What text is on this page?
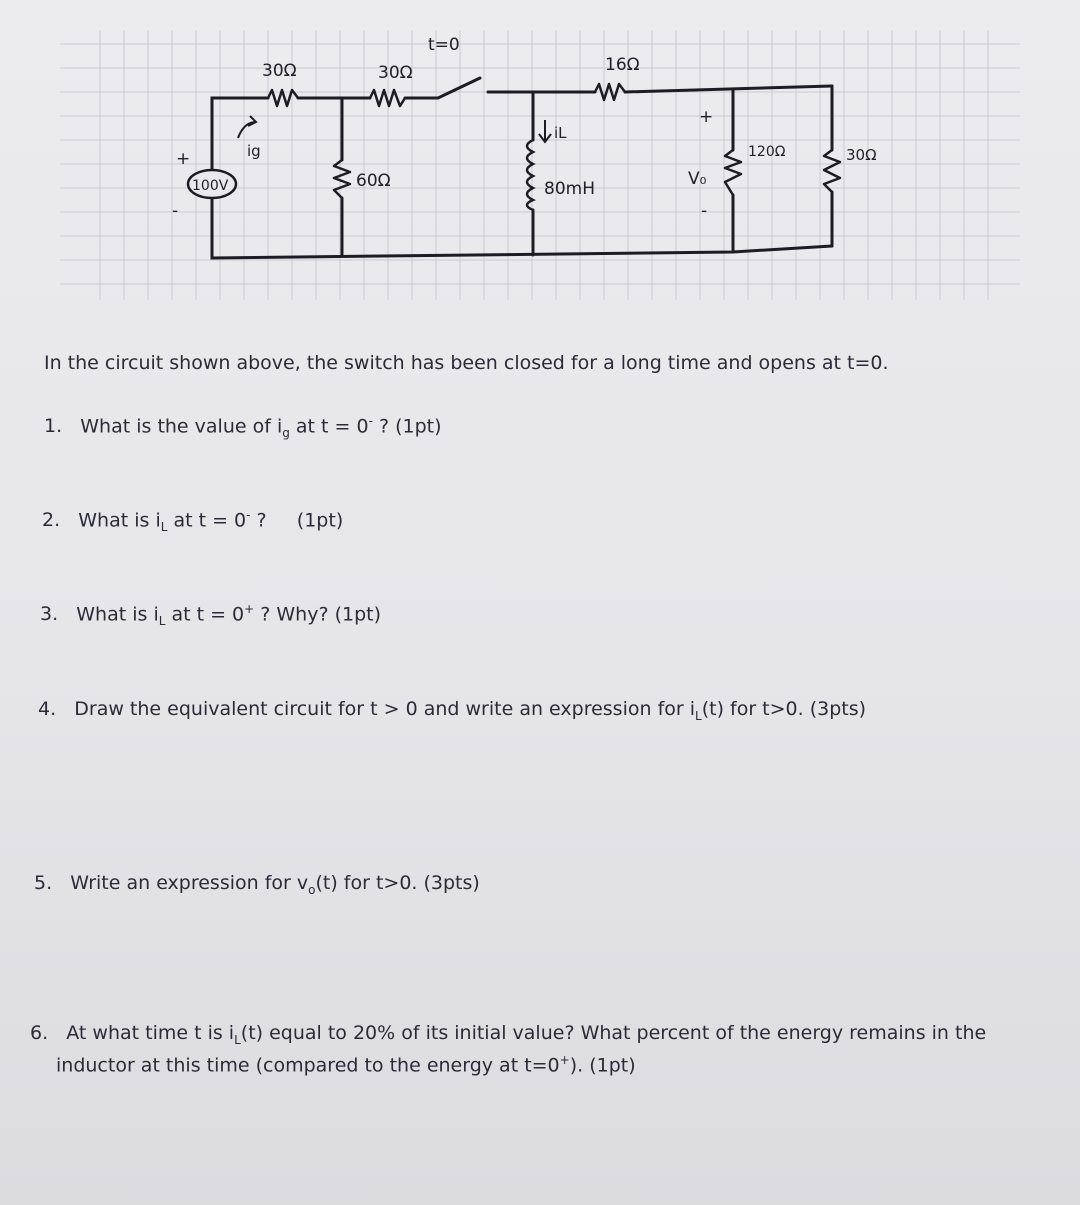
30Ω	30Ω
t=0
16Ω
100V
+
-
ig
60Ω
iL
80mH	V₀
+
-
120Ω	30Ω
In the circuit shown above, the switch has been closed for a long time and opens at t=0.
1. What is the value of $i_g$ at t = 0- ? (1pt)
2. What is $i_L$ at t = 0- ?     (1pt)
3. What is $i_L$ at t = 0+ ? Why? (1pt)
4. Draw the equivalent circuit for t > 0 and write an expression for $i_L(t)$ for t>0. (3pts)
5. Write an expression for $v_o(t)$ for t>0. (3pts)
6. At what time t is $i_L(t)$ equal to 20% of its initial value? What percent of the energy remains in the
inductor at this time (compared to the energy at t=0+). (1pt)
